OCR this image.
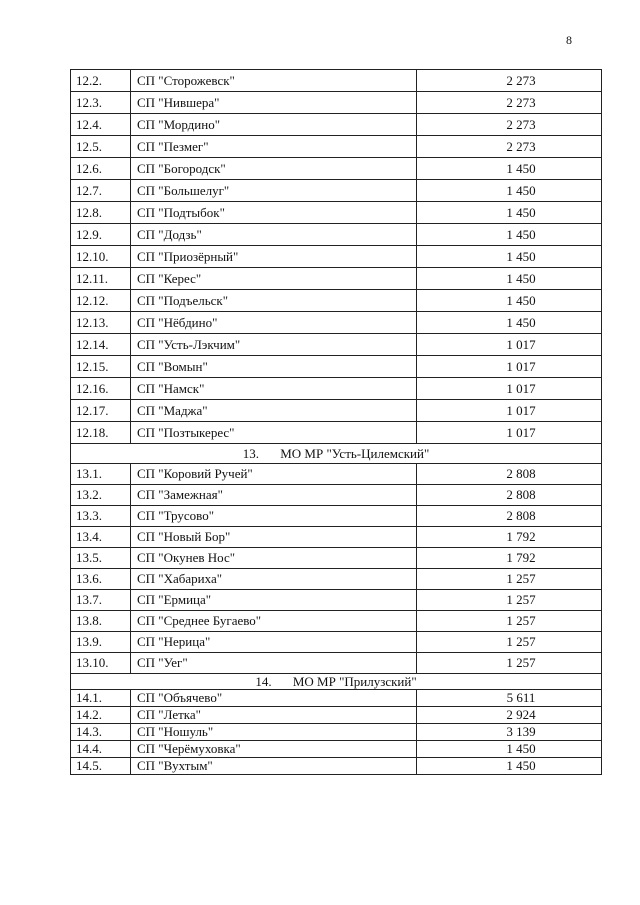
8
12.2.	СП "Сторожевск"	2 273
12.3.	СП "Нившера"	2 273
12.4.	СП "Мордино"	2 273
12.5.	СП "Пезмег"	2 273
12.6.	СП "Богородск"	1 450
12.7.	СП "Большелуг"	1 450
12.8.	СП "Подтыбок"	1 450
12.9.	СП "Додзь"	1 450
12.10.	СП "Приозёрный"	1 450
12.11.	СП "Керес"	1 450
12.12.	СП "Подъельск"	1 450
12.13.	СП "Нёбдино"	1 450
12.14.	СП "Усть-Лэкчим"	1 017
12.15.	СП "Вомын"	1 017
12.16.	СП "Намск"	1 017
12.17.	СП "Маджа"	1 017
12.18.	СП "Позтыкерес"	1 017
13. МО МР "Усть-Цилемский"		
13.1.	СП "Коровий Ручей"	2 808
13.2.	СП "Замежная"	2 808
13.3.	СП "Трусово"	2 808
13.4.	СП "Новый Бор"	1 792
13.5.	СП "Окунев Нос"	1 792
13.6.	СП "Хабариха"	1 257
13.7.	СП "Ермица"	1 257
13.8.	СП "Среднее Бугаево"	1 257
13.9.	СП "Нерица"	1 257
13.10.	СП "Уег"	1 257
14. МО МР "Прилузский"		
14.1.	СП "Объячево"	5 611
14.2.	СП "Летка"	2 924
14.3.	СП "Ношуль"	3 139
14.4.	СП "Черёмуховка"	1 450
14.5.	СП "Вухтым"	1 450
